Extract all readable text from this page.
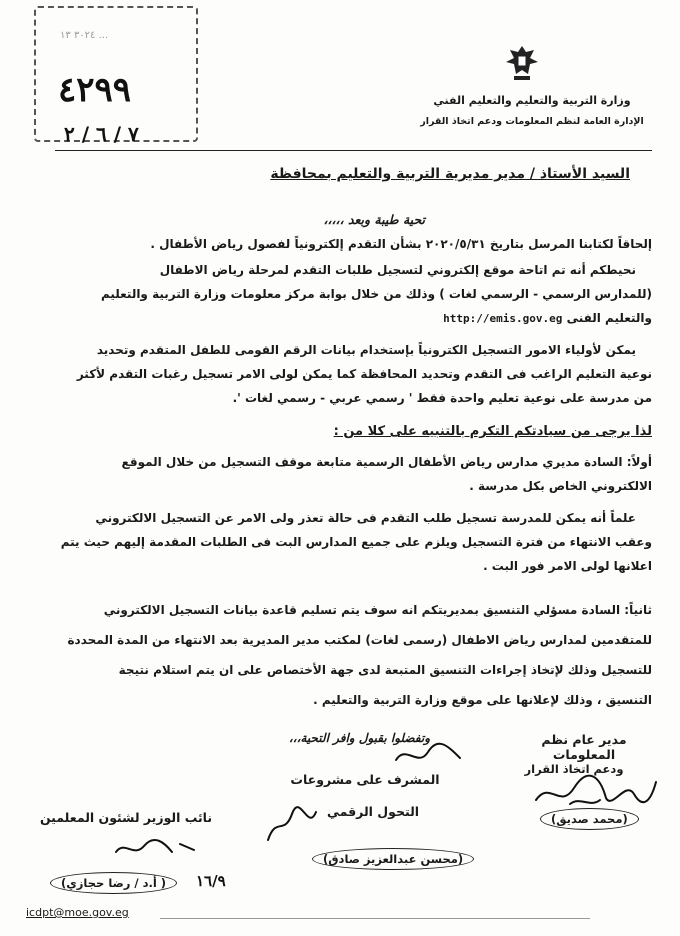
٣٠٢٤ ١٣ ...
٤٢٩٩
٧ / ٦ / ٢
وزارة التربية والتعليم والتعليم الفني
الإدارة العامة لنظم المعلومات ودعم اتخاذ القرار
السيد الأستاذ / مدير مديرية التربية والتعليم بمحافظة
تحية طيبة وبعد ،،،،،
إلحاقاً لكتابنا المرسل بتاريخ ٢٠٢٠/٥/٣١ بشأن التقدم إلكترونياً لفصول رياض الأطفال .
نحيطكم أنه تم اتاحة موقع إلكتروني لتسجيل طلبات التقدم لمرحلة رياض الاطفال
(للمدارس الرسمي - الرسمي لغات ) وذلك من خلال بوابة مركز معلومات وزارة التربية والتعليم
والتعليم الفنى http://emis.gov.eg
يمكن لأولياء الامور التسجيل الكترونياً بإستخدام بيانات الرقم القومى للطفل المتقدم وتحديد
نوعية التعليم الراغب فى التقدم وتحديد المحافظة كما يمكن لولى الامر تسجيل رغبات التقدم لأكثر
من مدرسة على نوعية تعليم واحدة فقط ' رسمي عربي - رسمي لغات '.
لذا يرجى من سيادتكم التكرم بالتنبيه على كلا من :
أولاً: السادة مديري مدارس رياض الأطفال الرسمية متابعة موقف التسجيل من خلال الموقع
الالكتروني الخاص بكل مدرسة .
علماً أنه يمكن للمدرسة تسجيل طلب التقدم فى حالة تعذر ولى الامر عن التسجيل الالكتروني
وعقب الانتهاء من فترة التسجيل ويلزم على جميع المدارس البت فى الطلبات المقدمة إليهم حيث يتم
اعلانها لولى الامر فور البت .
ثانياً: السادة مسؤلي التنسيق بمديريتكم انه سوف يتم تسليم قاعدة بيانات التسجيل الالكتروني
للمتقدمين لمدارس رياض الاطفال (رسمى لغات) لمكتب مدير المديرية بعد الانتهاء من المدة المحددة
للتسجيل وذلك لإتخاذ إجراءات التنسيق المتبعة لدى جهة الأختصاص على ان يتم استلام نتيجة
التنسيق ، وذلك لإعلانها على موقع وزارة التربية والتعليم .
وتفضلوا بقبول وافر التحية،،،	مدير عام نظم المعلومات
ودعم اتخاذ القرار
(محمد صديق)
المشرف على مشروعات
التحول الرقمي
(محسن عبدالعزيز صادق)
نائب الوزير لشئون المعلمين
( أ.د / رضا حجازي)	١٦/٩
icdpt@moe.gov.eg
